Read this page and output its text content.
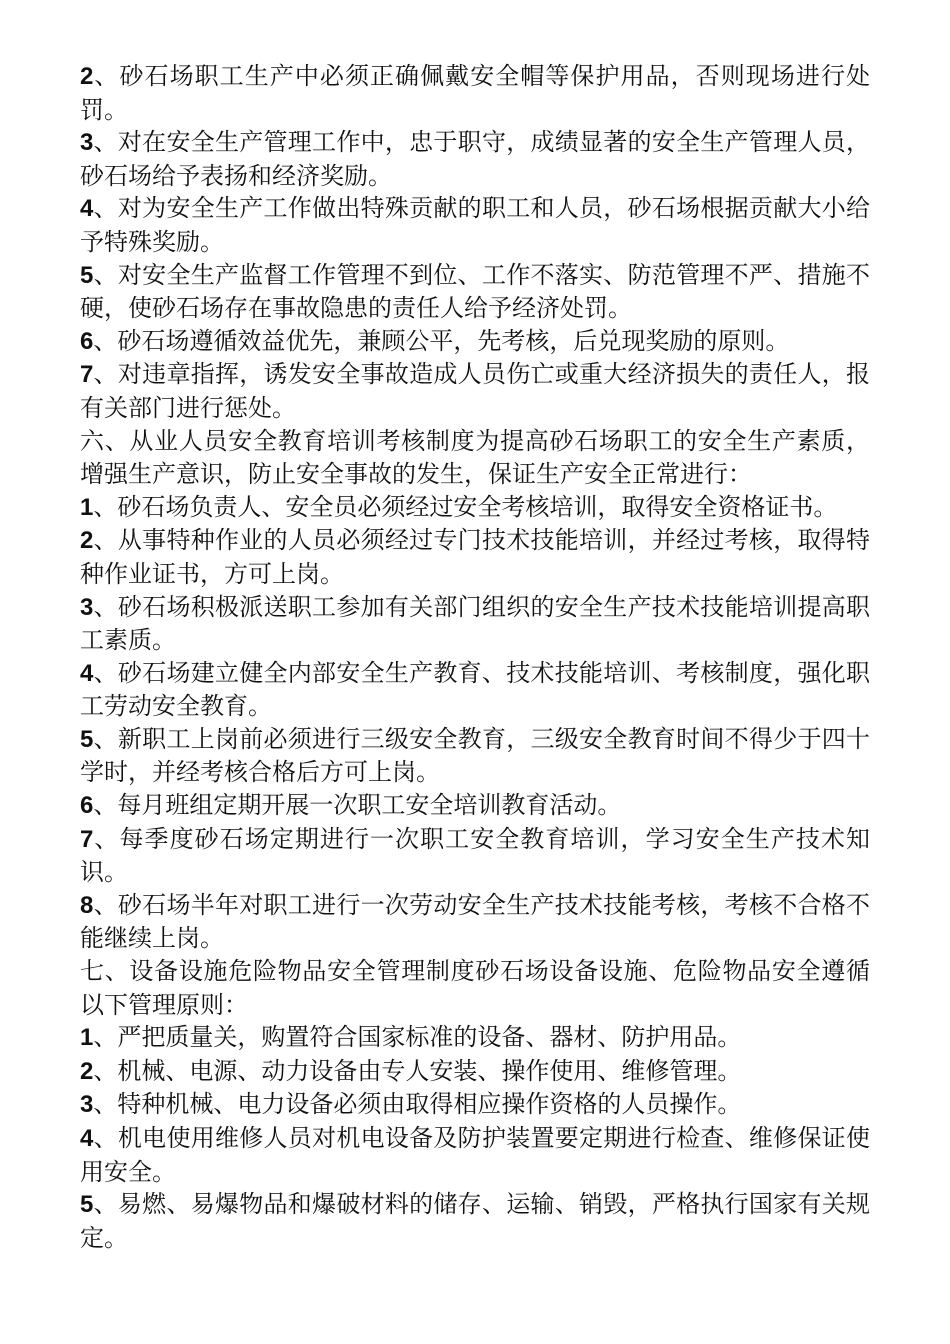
2、砂石场职工生产中必须正确佩戴安全帽等保护用品，否则现场进行处罚。

3、对在安全生产管理工作中，忠于职守，成绩显著的安全生产管理人员，砂石场给予表扬和经济奖励。

4、对为安全生产工作做出特殊贡献的职工和人员，砂石场根据贡献大小给予特殊奖励。

5、对安全生产监督工作管理不到位、工作不落实、防范管理不严、措施不硬，使砂石场存在事故隐患的责任人给予经济处罚。

6、砂石场遵循效益优先，兼顾公平，先考核，后兑现奖励的原则。

7、对违章指挥，诱发安全事故造成人员伤亡或重大经济损失的责任人，报有关部门进行惩处。

六、从业人员安全教育培训考核制度为提高砂石场职工的安全生产素质，增强生产意识，防止安全事故的发生，保证生产安全正常进行：

1、砂石场负责人、安全员必须经过安全考核培训，取得安全资格证书。

2、从事特种作业的人员必须经过专门技术技能培训，并经过考核，取得特种作业证书，方可上岗。

3、砂石场积极派送职工参加有关部门组织的安全生产技术技能培训提高职工素质。

4、砂石场建立健全内部安全生产教育、技术技能培训、考核制度，强化职工劳动安全教育。

5、新职工上岗前必须进行三级安全教育，三级安全教育时间不得少于四十学时，并经考核合格后方可上岗。

6、每月班组定期开展一次职工安全培训教育活动。

7、每季度砂石场定期进行一次职工安全教育培训，学习安全生产技术知识。

8、砂石场半年对职工进行一次劳动安全生产技术技能考核，考核不合格不能继续上岗。

七、设备设施危险物品安全管理制度砂石场设备设施、危险物品安全遵循以下管理原则：

1、严把质量关，购置符合国家标准的设备、器材、防护用品。

2、机械、电源、动力设备由专人安装、操作使用、维修管理。

3、特种机械、电力设备必须由取得相应操作资格的人员操作。

4、机电使用维修人员对机电设备及防护装置要定期进行检查、维修保证使用安全。

5、易燃、易爆物品和爆破材料的储存、运输、销毁，严格执行国家有关规定。
